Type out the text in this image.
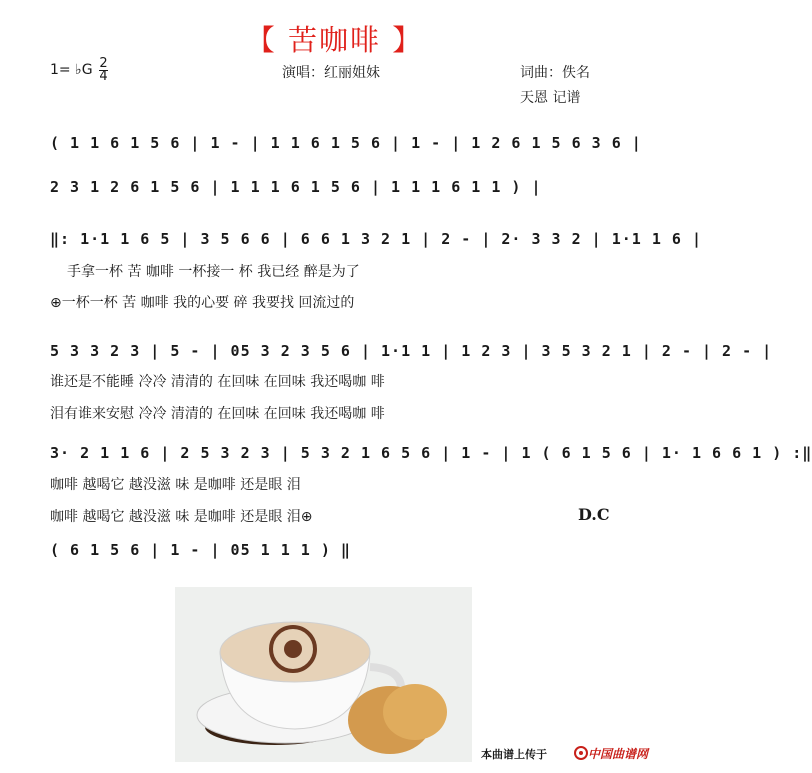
【 苦咖啡 】
1= ♭G 2
4	演唱：红丽姐妹	词曲：佚名
天恩 记谱
( 1 1 6 1 5 6 | 1 - | 1 1 6 1 5 6 | 1 - | 1 2 6 1 5 6 3 6 |
2 3 1 2 6 1 5 6 | 1 1 1 6 1 5 6 | 1 1 1 6 1 1 ) |
‖: 1·1 1 6 5 | 3 5 6 6 | 6 6 1 3 2 1 | 2 - | 2· 3 3 2 | 1·1 1 6 |
手拿一杯 苦 咖啡 一杯接一 杯 我已经 醉是为了
⊕一杯一杯 苦 咖啡 我的心要 碎 我要找 回流过的
5 3 3 2 3 | 5 - | 05 3 2 3 5 6 | 1·1 1 | 1 2 3 | 3 5 3 2 1 | 2 - | 2 - |
谁还是不能睡 冷冷 清清的 在回味 在回味 我还喝咖 啡
泪有谁来安慰 冷冷 清清的 在回味 在回味 我还喝咖 啡
3· 2 1 1 6 | 2 5 3 2 3 | 5 3 2 1 6 5 6 | 1 - | 1 ( 6 1 5 6 | 1· 1 6 6 1 ) :‖
咖啡 越喝它 越没滋 味 是咖啡 还是眼 泪
咖啡 越喝它 越没滋 味 是咖啡 还是眼 泪⊕	D.C
( 6 1 5 6 | 1 - | 05 1 1 1 ) ‖
本曲谱上传于	中国曲谱网
